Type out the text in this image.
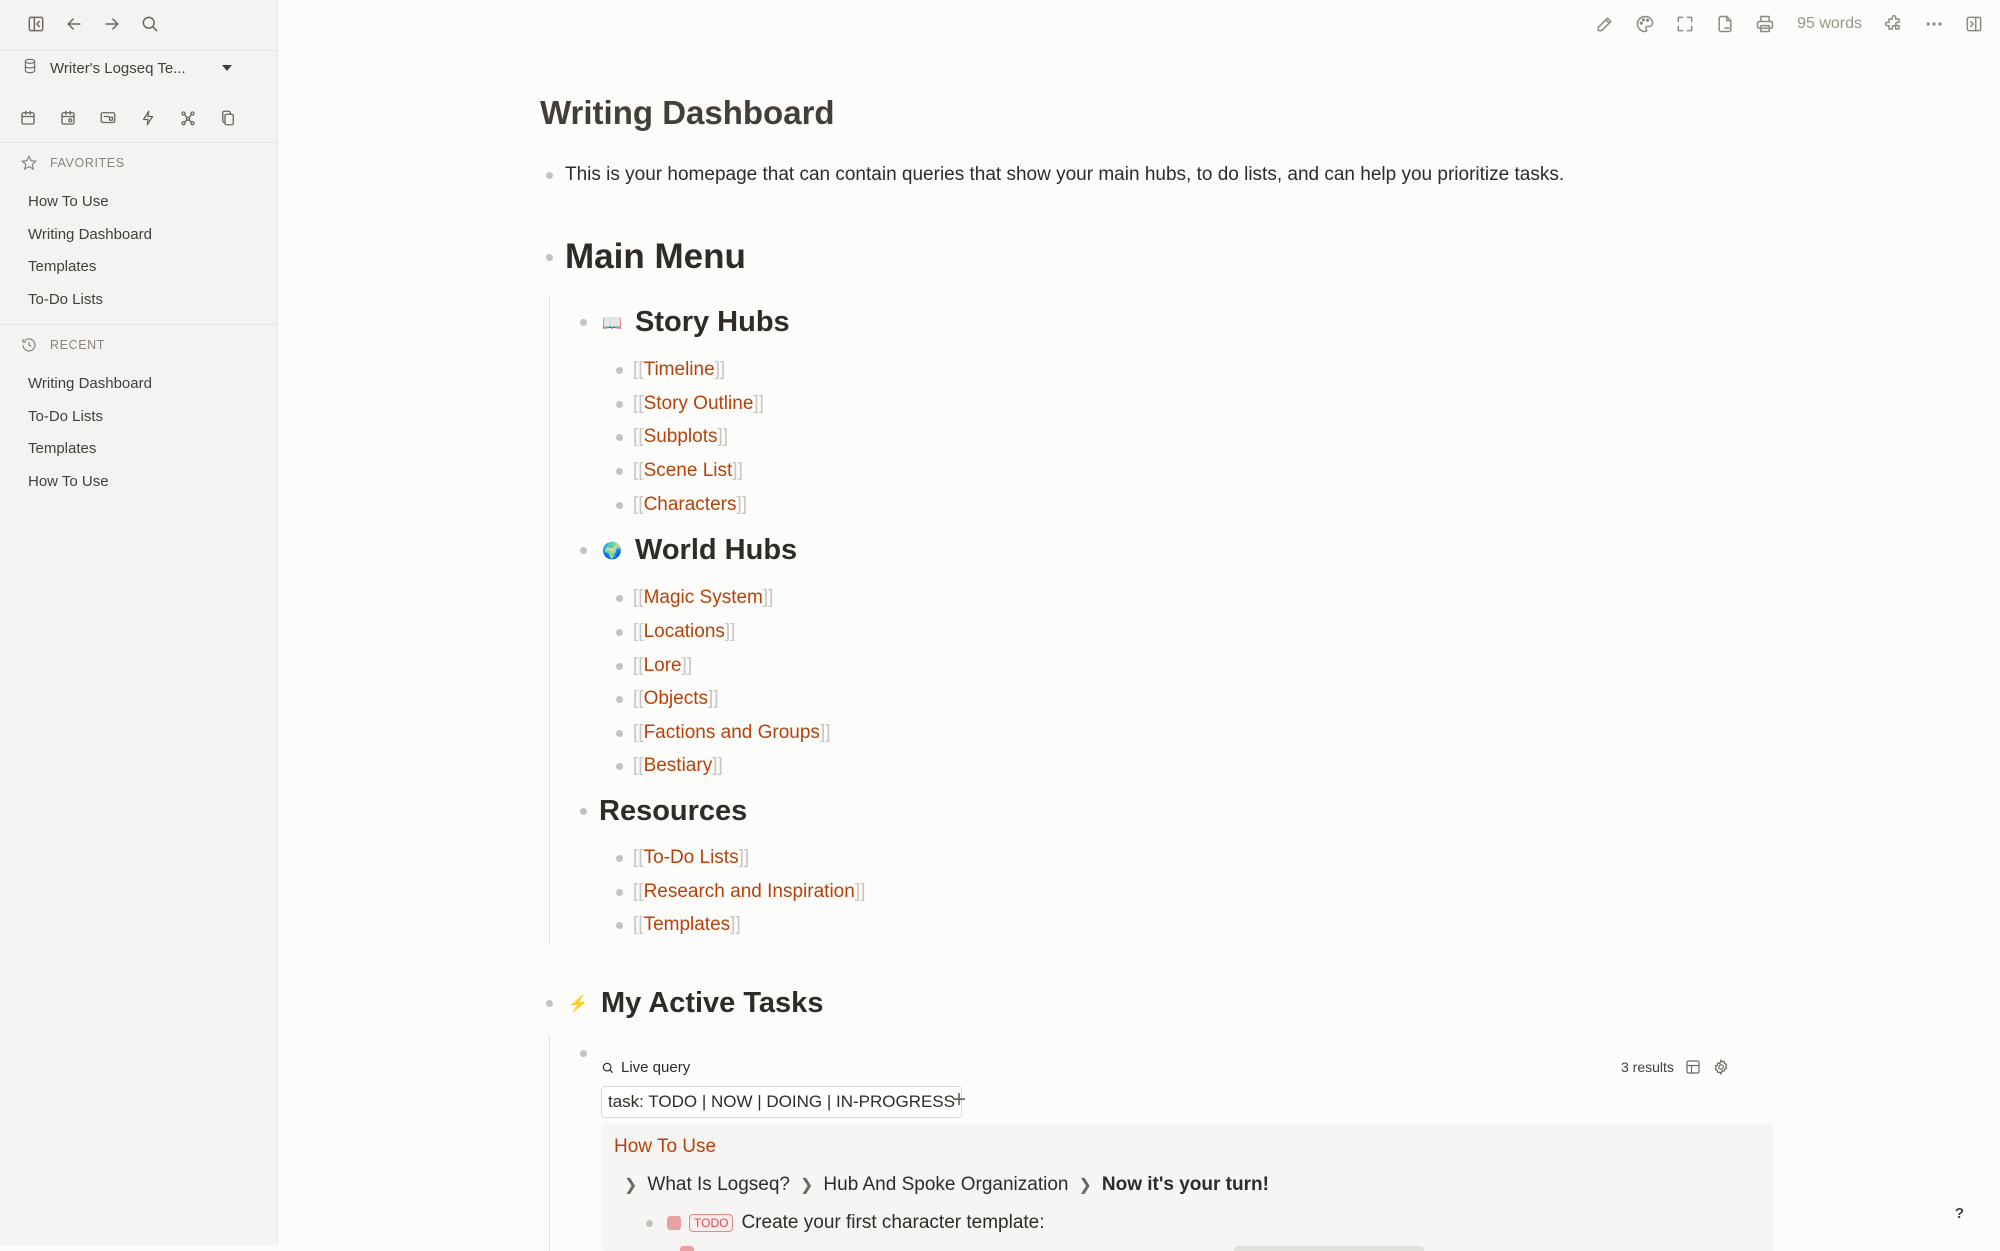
Writer's Logseq Te...
FAVORITES
How To Use
Writing Dashboard
Templates
To-Do Lists
RECENT
Writing Dashboard
To-Do Lists
Templates
How To Use
95 words
Writing Dashboard
This is your homepage that can contain queries that show your main hubs, to do lists, and can help you prioritize tasks.
Main Menu
📖 Story Hubs
[[Timeline]]
[[Story Outline]]
[[Subplots]]
[[Scene List]]
[[Characters]]
🌍 World Hubs
[[Magic System]]
[[Locations]]
[[Lore]]
[[Objects]]
[[Factions and Groups]]
[[Bestiary]]
Resources
[[To-Do Lists]]
[[Research and Inspiration]]
[[Templates]]
⚡ My Active Tasks
Live query	3 results
task: TODO | NOW | DOING | IN-PROGRESS
+
How To Use
❯ What Is Logseq? ❯ Hub And Spoke Organization ❯ Now it's your turn!
TODO Create your first character template:	?
